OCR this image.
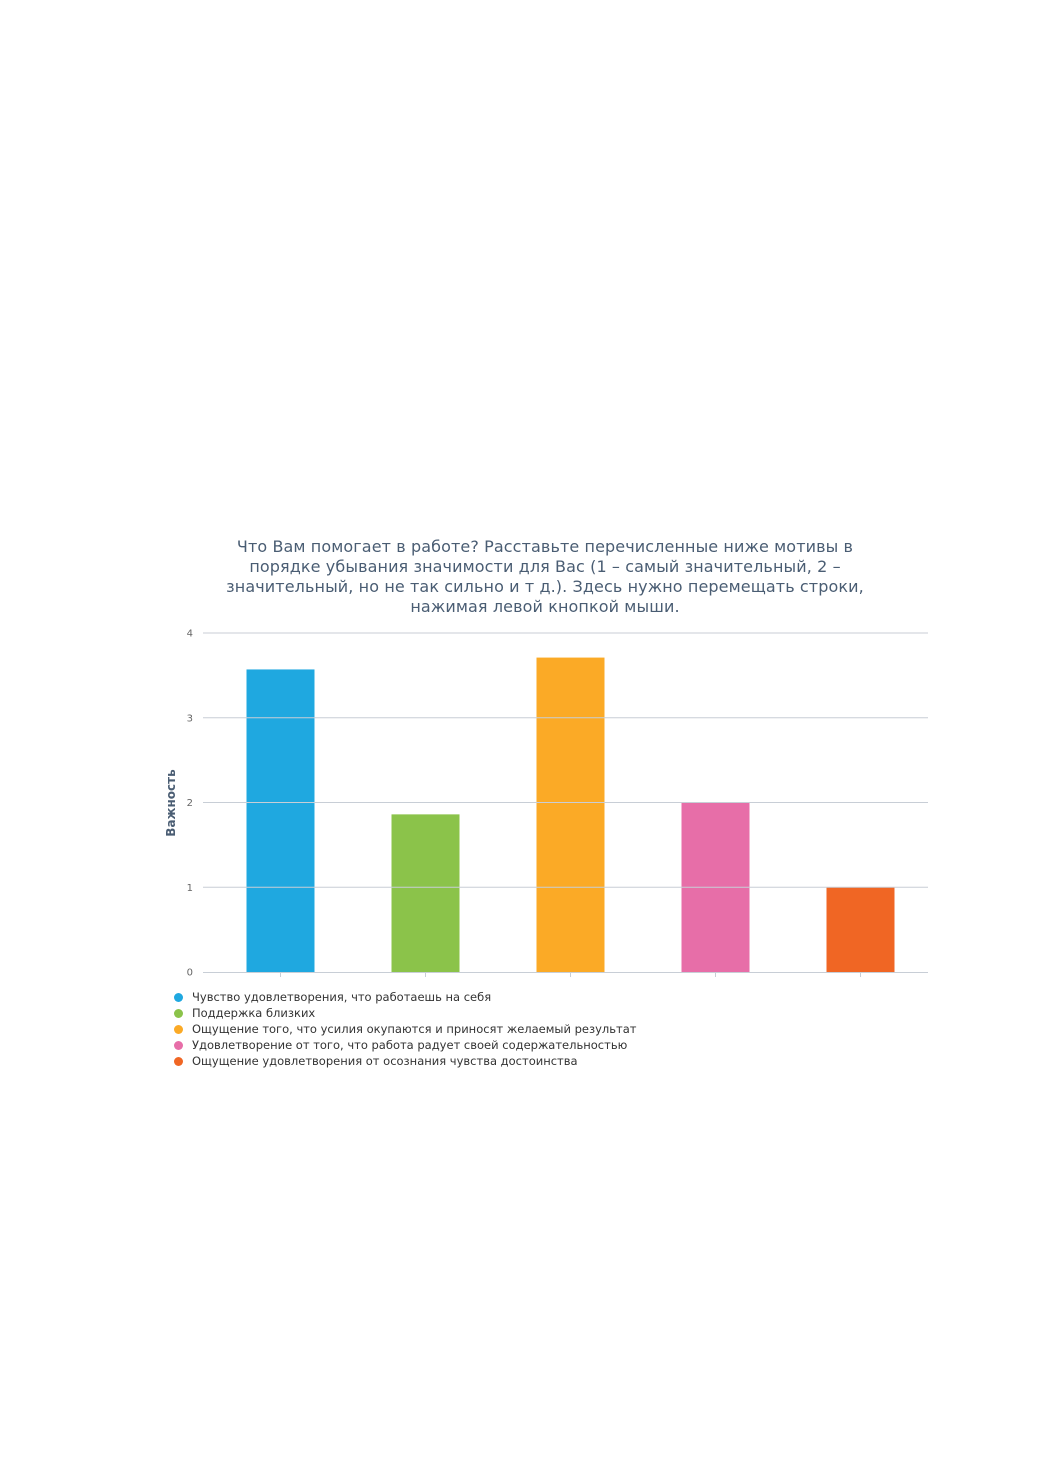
Что Вам помогает в работе? Расставьте перечисленные ниже мотивы в порядке убывания значимости для Вас (1 – самый значительный, 2 – значительный, но не так сильно и т д.). Здесь нужно перемещать строки, нажимая левой кнопкой мыши.
0
1
2
3
4
Важность
Чувство удовлетворения, что работаешь на себя
Поддержка близких
Ощущение того, что усилия окупаются и приносят желаемый результат
Удовлетворение от того, что работа радует своей содержательностью
Ощущение удовлетворения от осознания чувства достоинства
